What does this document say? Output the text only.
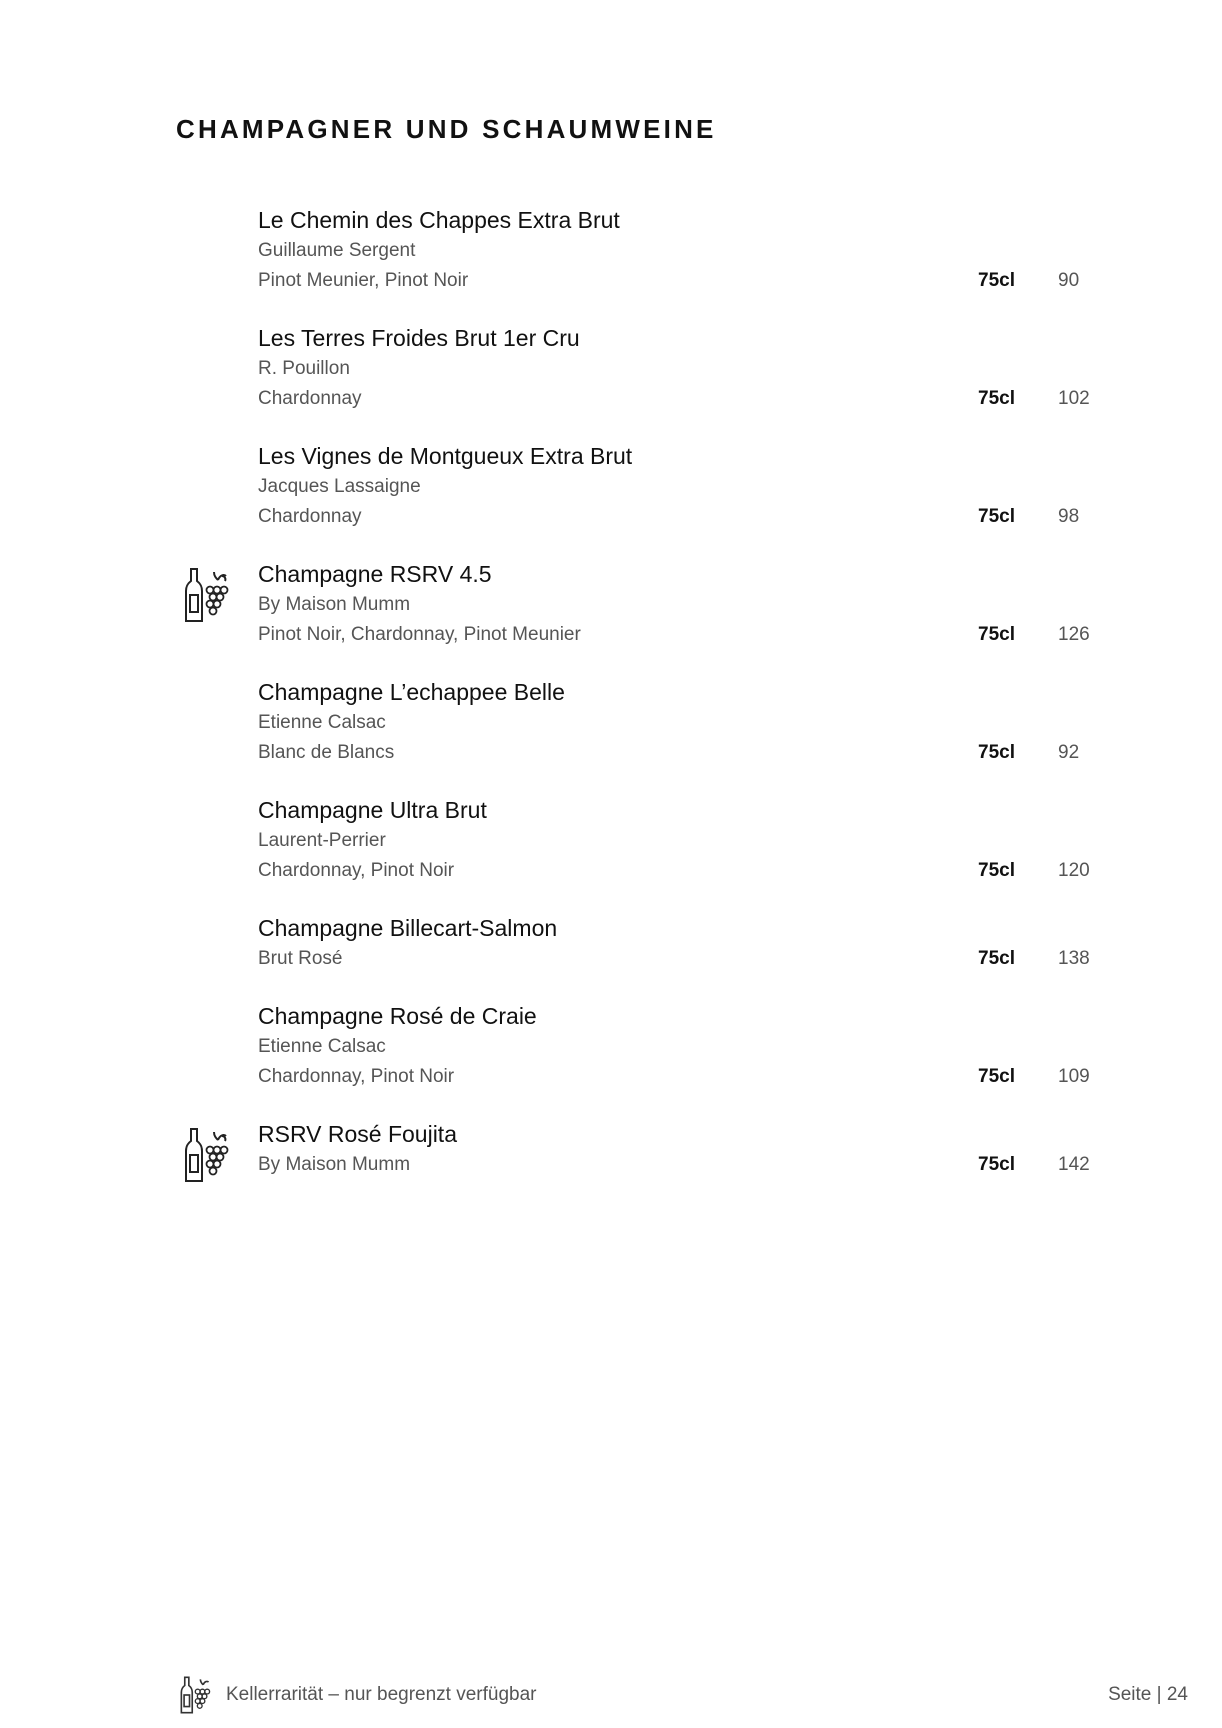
CHAMPAGNER UND SCHAUMWEINE
Le Chemin des Chappes Extra Brut
Guillaume Sergent
Pinot Meunier, Pinot Noir	75cl	90
Les Terres Froides Brut 1er Cru
R. Pouillon
Chardonnay	75cl	102
Les Vignes de Montgueux Extra Brut
Jacques Lassaigne
Chardonnay	75cl	98
Champagne RSRV 4.5
By Maison Mumm
Pinot Noir, Chardonnay, Pinot Meunier	75cl	126
Champagne L’echappee Belle
Etienne Calsac
Blanc de Blancs	75cl	92
Champagne Ultra Brut
Laurent-Perrier
Chardonnay, Pinot Noir	75cl	120
Champagne Billecart-Salmon
Brut Rosé	75cl	138
Champagne Rosé de Craie
Etienne Calsac
Chardonnay, Pinot Noir	75cl	109
RSRV Rosé Foujita
By Maison Mumm	75cl	142
Kellerrarität – nur begrenzt verfügbar	Seite | 24
